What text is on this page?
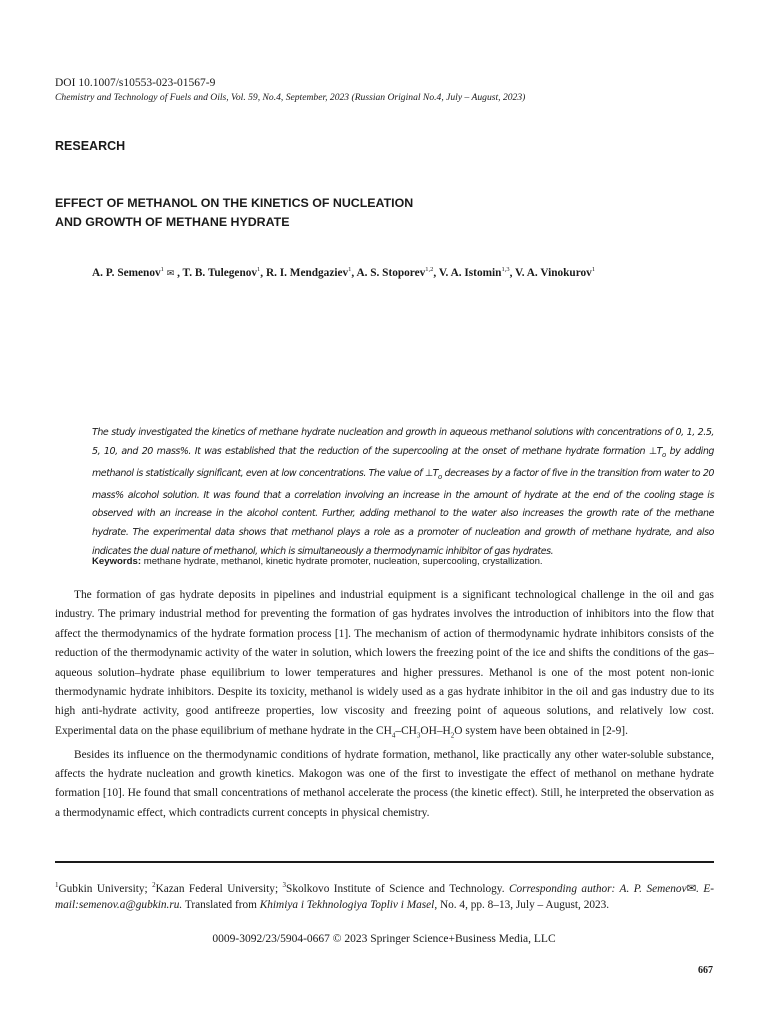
DOI 10.1007/s10553-023-01567-9
Chemistry and Technology of Fuels and Oils, Vol. 59, No.4, September, 2023 (Russian Original No.4, July – August, 2023)
RESEARCH
EFFECT OF METHANOL ON THE KINETICS OF NUCLEATION
AND GROWTH OF METHANE HYDRATE
A. P. Semenov$^1$ ✉ , T. B. Tulegenov$^1$, R. I. Mendgaziev$^1$, A. S. Stoporev$^{1,2}$, V. A. Istomin$^{1,3}$, V. A. Vinokurov$^1$
The study investigated the kinetics of methane hydrate nucleation and growth in aqueous methanol solutions with concentrations of 0, 1, 2.5, 5, 10, and 20 mass%. It was established that the reduction of the supercooling at the onset of methane hydrate formation $\perp T_o$ by adding methanol is statistically significant, even at low concentrations. The value of $\perp T_o$ decreases by a factor of five in the transition from water to 20 mass% alcohol solution. It was found that a correlation involving an increase in the amount of hydrate at the end of the cooling stage is observed with an increase in the alcohol content. Further, adding methanol to the water also increases the growth rate of the methane hydrate. The experimental data shows that methanol plays a role as a promoter of nucleation and growth of methane hydrate, and also indicates the dual nature of methanol, which is simultaneously a thermodynamic inhibitor of gas hydrates.
Keywords: methane hydrate, methanol, kinetic hydrate promoter, nucleation, supercooling, crystallization.

The formation of gas hydrate deposits in pipelines and industrial equipment is a significant technological challenge in the oil and gas industry. The primary industrial method for preventing the formation of gas hydrates involves the introduction of inhibitors into the flow that affect the thermodynamics of the hydrate formation process [1]. The mechanism of action of thermodynamic hydrate inhibitors consists of the reduction of the thermodynamic activity of the water in solution, which lowers the freezing point of the ice and shifts the conditions of the gas–aqueous solution–hydrate phase equilibrium to lower temperatures and higher pressures. Methanol is one of the most potent non-ionic thermodynamic hydrate inhibitors. Despite its toxicity, methanol is widely used as a gas hydrate inhibitor in the oil and gas industry due to its high anti-hydrate activity, good antifreeze properties, low viscosity and freezing point of aqueous solutions, and relatively low cost. Experimental data on the phase equilibrium of methane hydrate in the $CH_4-CH_3OH-H_2O$ system have been obtained in [2-9].

Besides its influence on the thermodynamic conditions of hydrate formation, methanol, like practically any other water-soluble substance, affects the hydrate nucleation and growth kinetics. Makogon was one of the first to investigate the effect of methanol on methane hydrate formation [10]. He found that small concentrations of methanol accelerate the process (the kinetic effect). Still, he interpreted the observation as a thermodynamic effect, which contradicts current concepts in physical chemistry.

$^1$Gubkin University; $^2$Kazan Federal University; $^3$Skolkovo Institute of Science and Technology. Corresponding author: A. P. Semenov✉. E-mail:semenov.a@gubkin.ru. Translated from Khimiya i Tekhnologiya Topliv i Masel, No. 4, pp. 8–13, July – August, 2023.
0009-3092/23/5904-0667 © 2023 Springer Science+Business Media, LLC
667
